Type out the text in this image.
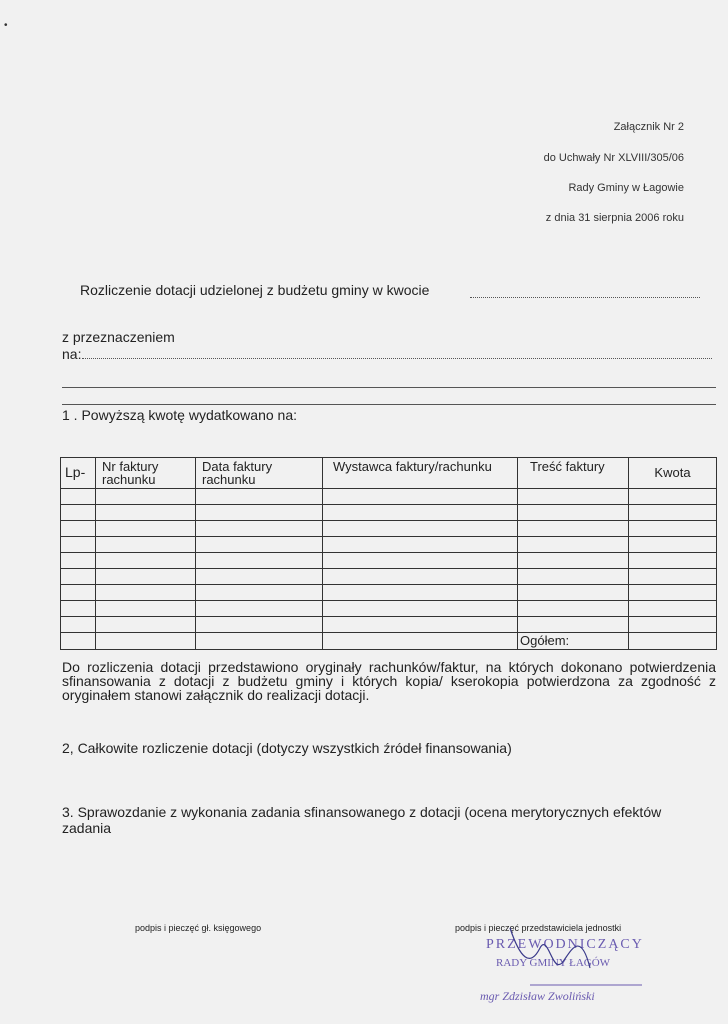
•
Załącznik Nr 2
do Uchwały Nr XLVIII/305/06
Rady Gminy w Łagowie
z dnia 31 sierpnia 2006 roku
Rozliczenie dotacji udzielonej z budżetu gminy w kwocie
z przeznaczeniem
na:
1 . Powyższą kwotę wydatkowano na:
Lp-	Nr faktury rachunku	Data faktury rachunku	Wystawca faktury/rachunku	Treść faktury	Kwota

				Ogółem:	

Do rozliczenia dotacji przedstawiono oryginały rachunków/faktur, na których dokonano potwierdzenia sfinansowania z dotacji z budżetu gminy i których kopia/ kserokopia potwierdzona za zgodność z oryginałem stanowi załącznik do realizacji dotacji.
2, Całkowite rozliczenie dotacji (dotyczy wszystkich źródeł finansowania)
3. Sprawozdanie z wykonania zadania sfinansowanego z dotacji (ocena merytorycznych efektów zadania
podpis i pieczęć gł. księgowego	podpis i pieczęć przedstawiciela jednostki
PRZEWODNICZĄCY
RADY GMINY ŁAGÓW
mgr Zdzisław Zwoliński
